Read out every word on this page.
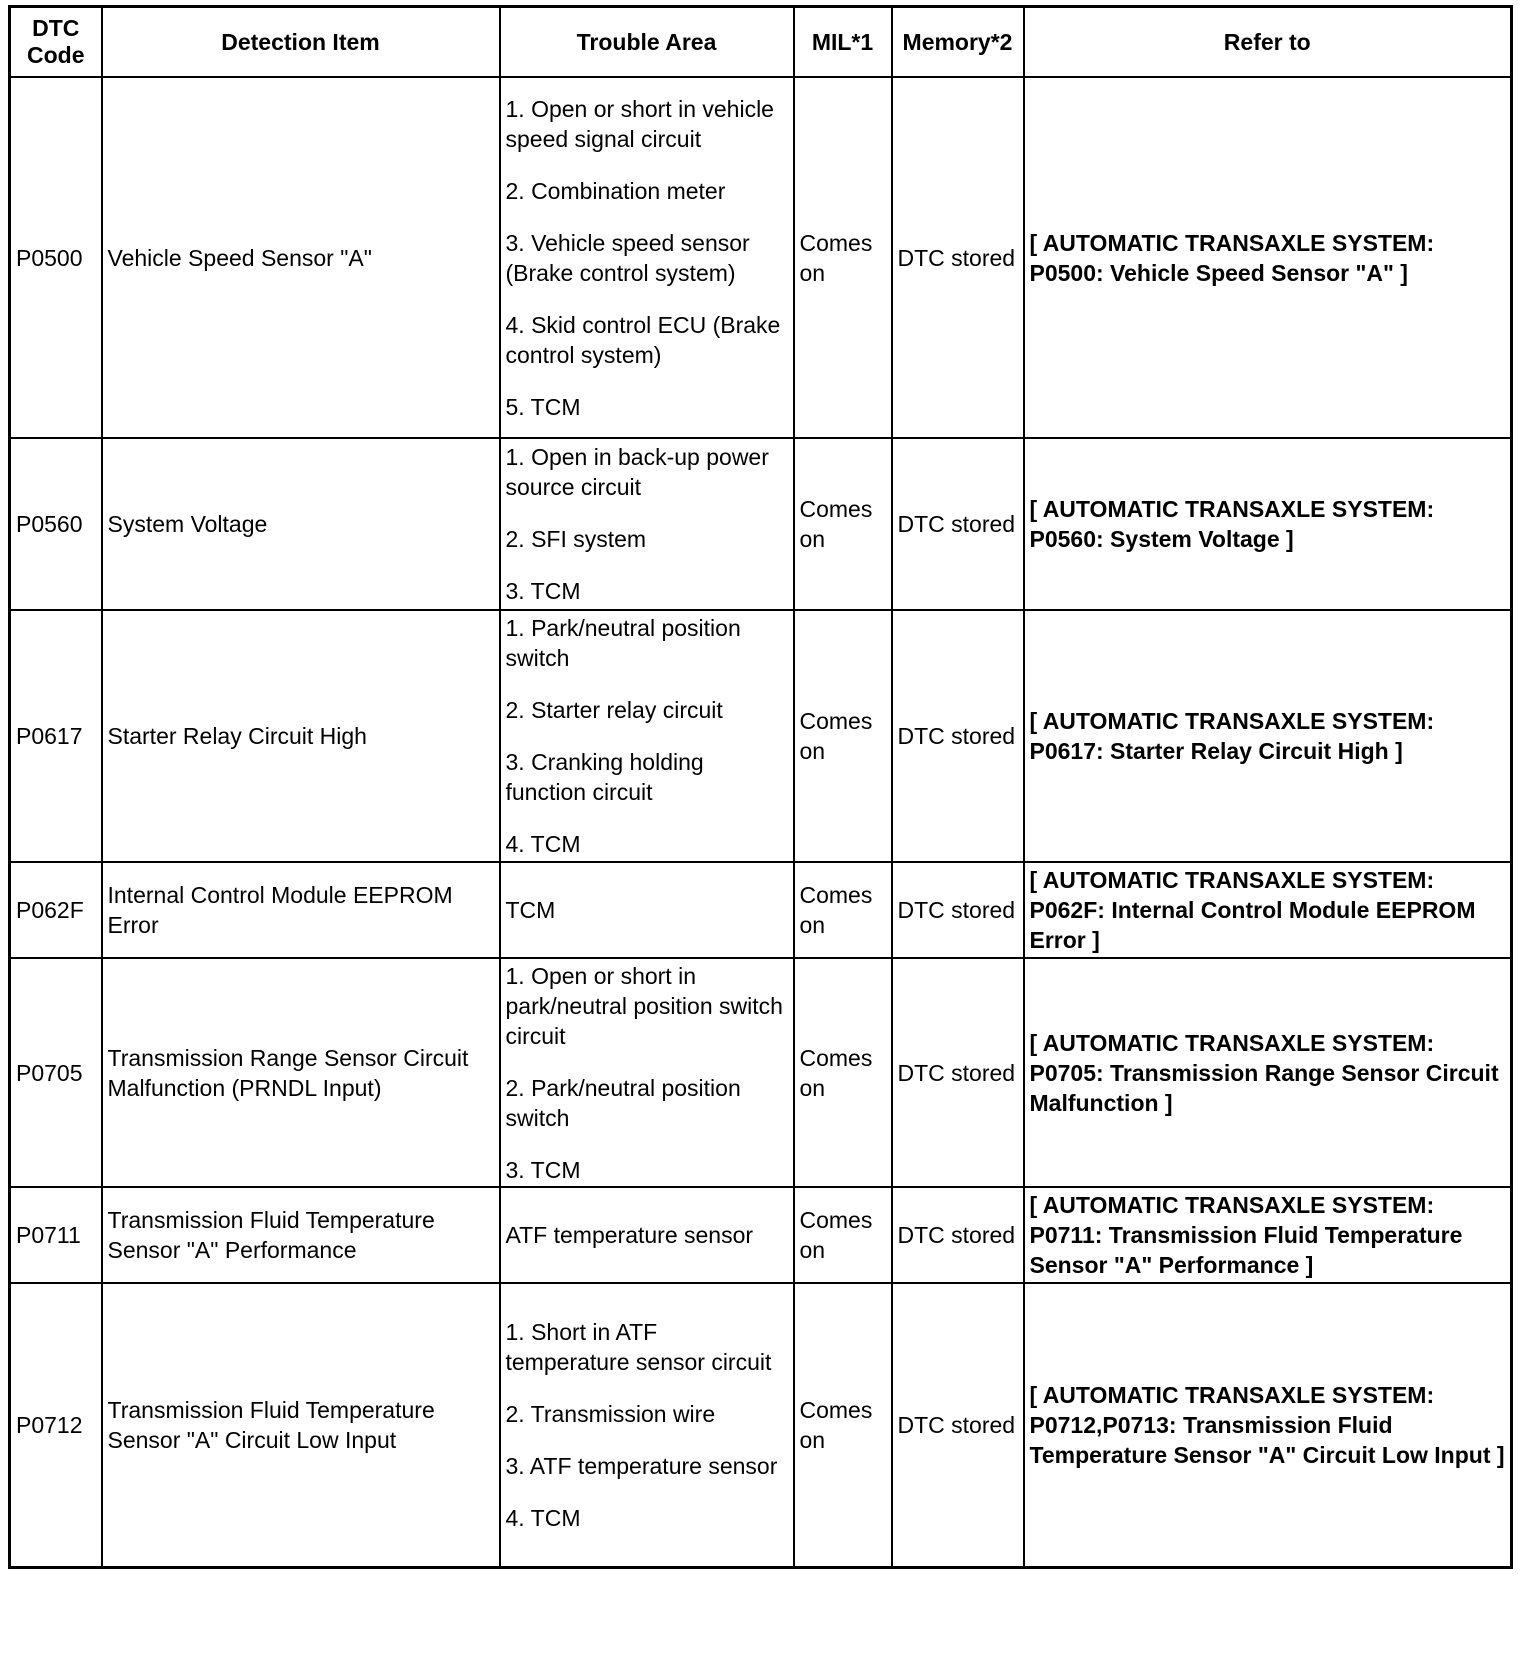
DTC
Code	Detection Item	Trouble Area	MIL*1	Memory*2	Refer to
P0500	Vehicle Speed Sensor "A"	1. Open or short in vehicle speed signal circuit
2. Combination meter
3. Vehicle speed sensor (Brake control system)
4. Skid control ECU (Brake control system)
5. TCM	Comes on	DTC stored	[ AUTOMATIC TRANSAXLE SYSTEM: P0500: Vehicle Speed Sensor "A" ]
P0560	System Voltage	1. Open in back-up power source circuit
2. SFI system
3. TCM	Comes on	DTC stored	[ AUTOMATIC TRANSAXLE SYSTEM: P0560: System Voltage ]
P0617	Starter Relay Circuit High	1. Park/neutral position switch
2. Starter relay circuit
3. Cranking holding function circuit
4. TCM	Comes on	DTC stored	[ AUTOMATIC TRANSAXLE SYSTEM: P0617: Starter Relay Circuit High ]
P062F	Internal Control Module EEPROM Error	TCM	Comes on	DTC stored	[ AUTOMATIC TRANSAXLE SYSTEM: P062F: Internal Control Module EEPROM Error ]
P0705	Transmission Range Sensor Circuit Malfunction (PRNDL Input)	1. Open or short in park/neutral position switch circuit
2. Park/neutral position switch
3. TCM	Comes on	DTC stored	[ AUTOMATIC TRANSAXLE SYSTEM: P0705: Transmission Range Sensor Circuit Malfunction ]
P0711	Transmission Fluid Temperature Sensor "A" Performance	ATF temperature sensor	Comes on	DTC stored	[ AUTOMATIC TRANSAXLE SYSTEM: P0711: Transmission Fluid Temperature Sensor "A" Performance ]
P0712	Transmission Fluid Temperature Sensor "A" Circuit Low Input	1. Short in ATF temperature sensor circuit
2. Transmission wire
3. ATF temperature sensor
4. TCM	Comes on	DTC stored	[ AUTOMATIC TRANSAXLE SYSTEM: P0712,P0713: Transmission Fluid Temperature Sensor "A" Circuit Low Input ]
